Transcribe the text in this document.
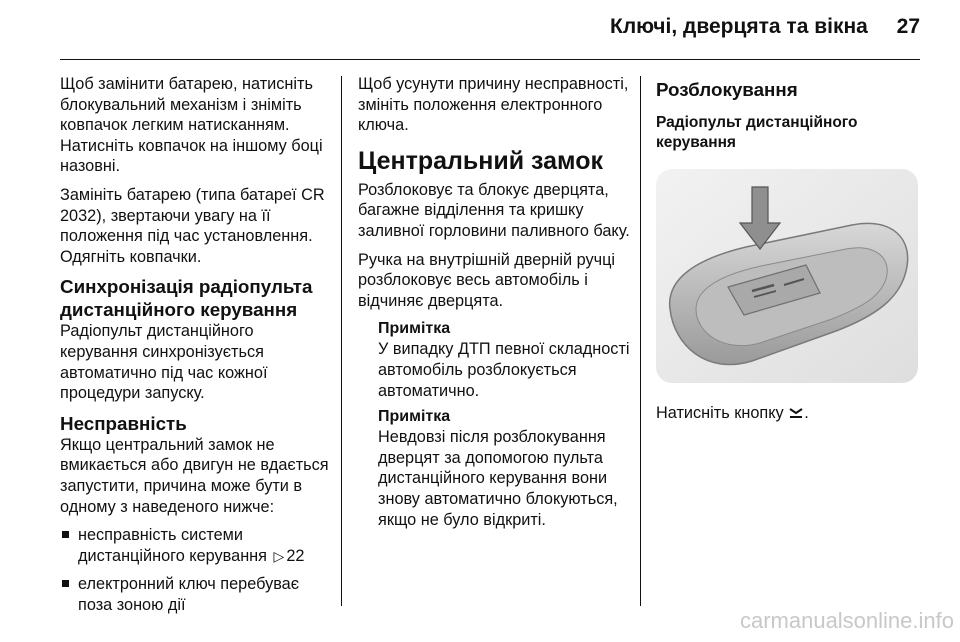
Ключі, дверцята та вікна	27

Щоб замінити батарею, натисніть блокувальний механізм і зніміть ковпачок легким натисканням. Натисніть ковпачок на іншому боці назовні.

Замініть батарею (типа батареї CR 2032), звертаючи увагу на її положення під час установлення. Одягніть ковпачки.

Синхронізація радіопульта дистанційного керування

Радіопульт дистанційного керування синхронізується автоматично під час кожної процедури запуску.

Несправність

Якщо центральний замок не вмикається або двигун не вдається запустити, причина може бути в одному з наведеного нижче:

несправність системи дистанційного керування ▷ 22
електронний ключ перебуває поза зоною дії

Щоб усунути причину несправності, змініть положення електронного ключа.

Центральний замок

Розблоковує та блокує дверцята, багажне відділення та кришку заливної горловини паливного баку.

Ручка на внутрішній дверній ручці розблоковує весь автомобіль і відчиняє дверцята.

Примітка
У випадку ДТП певної складності автомобіль розблокується автоматично.
Примітка
Невдовзі після розблокування дверцят за допомогою пульта дистанційного керування вони знову автоматично блокуються, якщо не було відкриті.
Розблокування
Радіопульт дистанційного керування

Натисніть кнопку .

carmanualsonline.info
